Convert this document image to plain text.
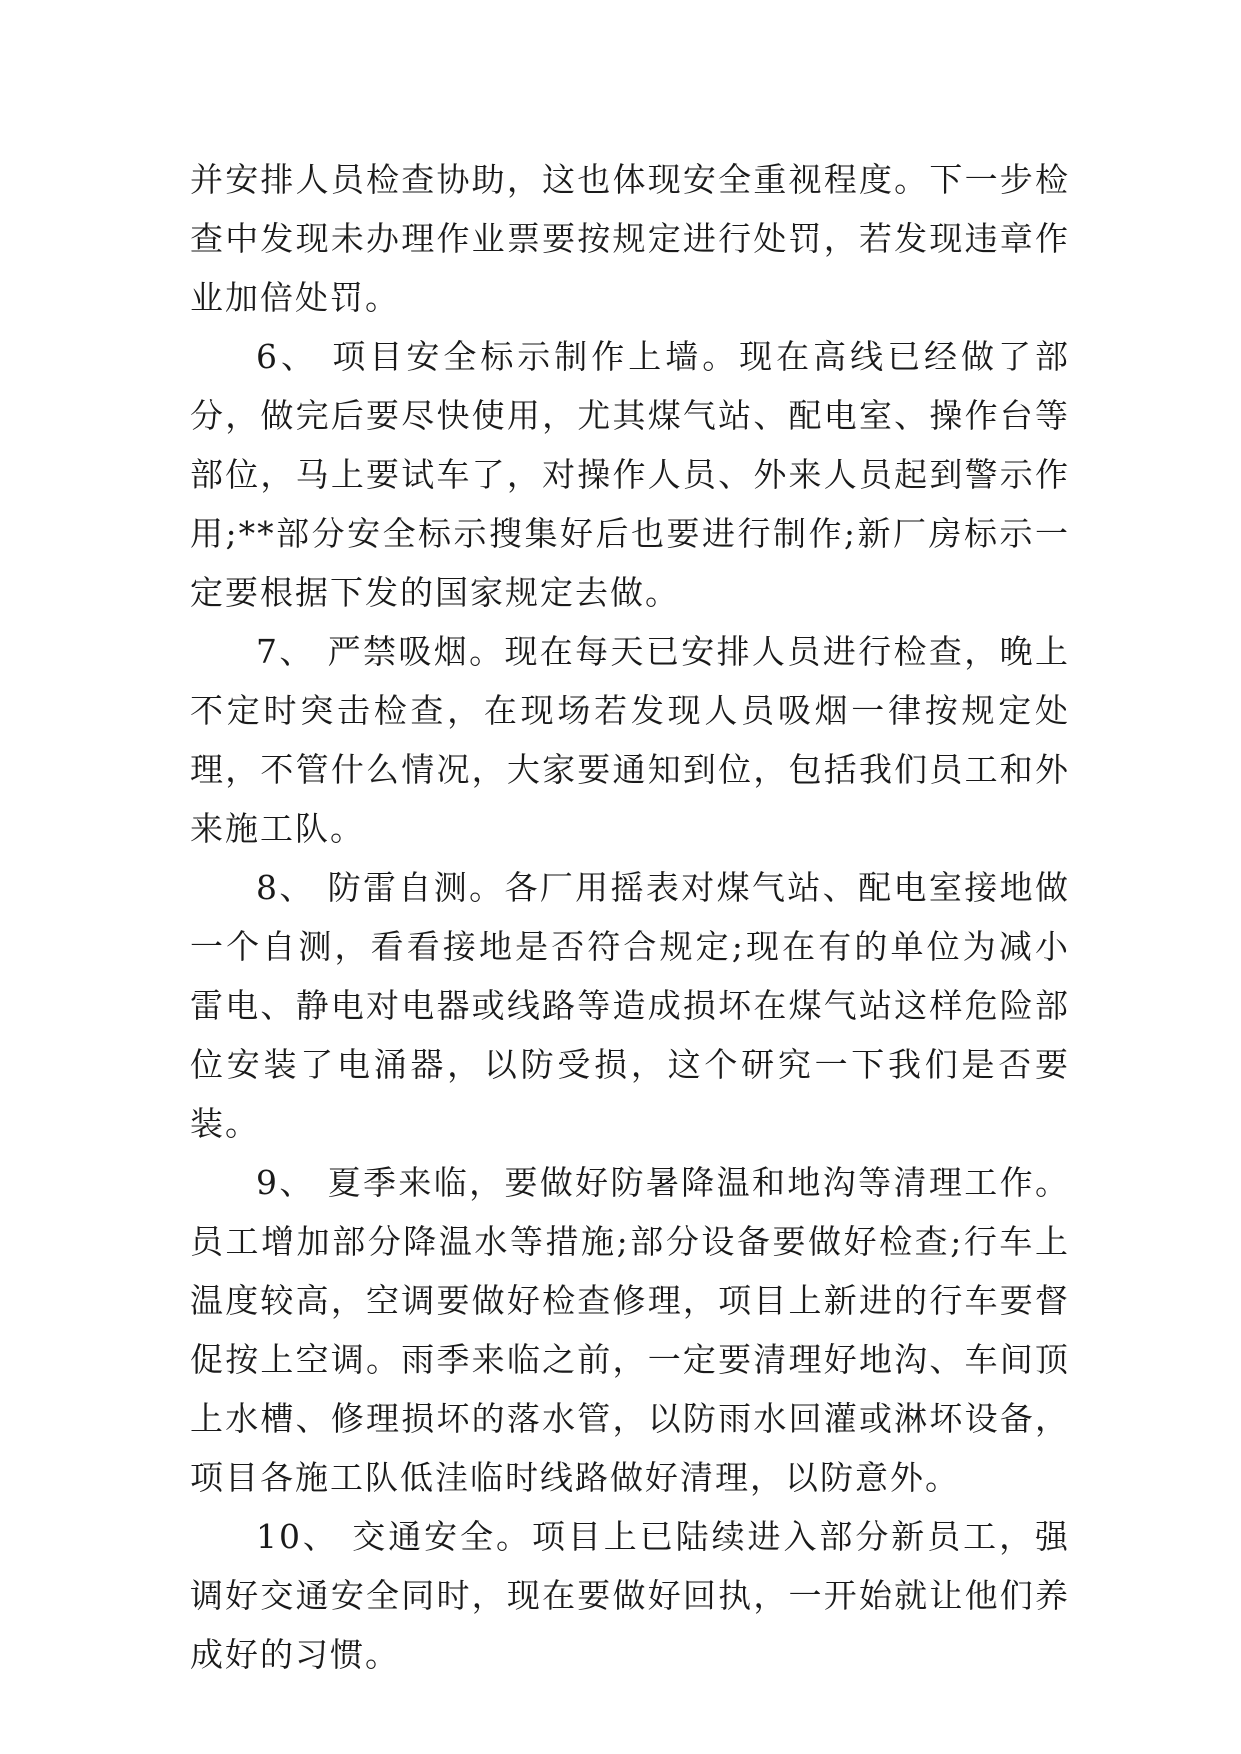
并安排人员检查协助，这也体现安全重视程度。下一步检查中发现未办理作业票要按规定进行处罚，若发现违章作业加倍处罚。

6、 项目安全标示制作上墙。现在高线已经做了部分，做完后要尽快使用，尤其煤气站、配电室、操作台等部位，马上要试车了，对操作人员、外来人员起到警示作用;**部分安全标示搜集好后也要进行制作;新厂房标示一定要根据下发的国家规定去做。

7、 严禁吸烟。现在每天已安排人员进行检查，晚上不定时突击检查，在现场若发现人员吸烟一律按规定处理，不管什么情况，大家要通知到位，包括我们员工和外来施工队。

8、 防雷自测。各厂用摇表对煤气站、配电室接地做一个自测，看看接地是否符合规定;现在有的单位为减小雷电、静电对电器或线路等造成损坏在煤气站这样危险部位安装了电涌器，以防受损，这个研究一下我们是否要装。

9、 夏季来临，要做好防暑降温和地沟等清理工作。员工增加部分降温水等措施;部分设备要做好检查;行车上温度较高，空调要做好检查修理，项目上新进的行车要督促按上空调。雨季来临之前，一定要清理好地沟、车间顶上水槽、修理损坏的落水管，以防雨水回灌或淋坏设备，项目各施工队低洼临时线路做好清理，以防意外。

10、 交通安全。项目上已陆续进入部分新员工，强调好交通安全同时，现在要做好回执，一开始就让他们养成好的习惯。
